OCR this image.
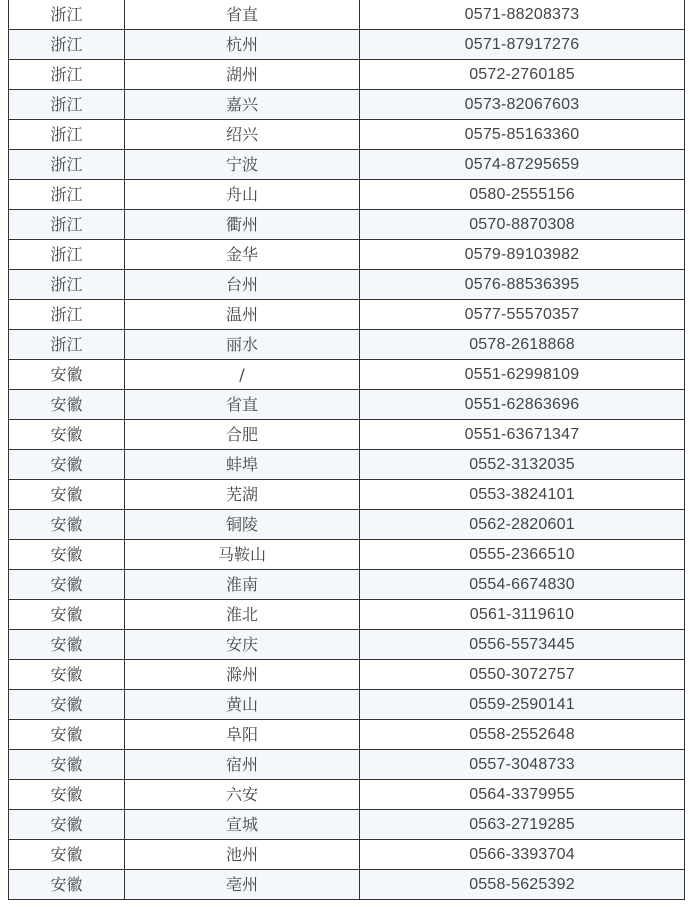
浙江	省直	0571-88208373
浙江	杭州	0571-87917276
浙江	湖州	0572-2760185
浙江	嘉兴	0573-82067603
浙江	绍兴	0575-85163360
浙江	宁波	0574-87295659
浙江	舟山	0580-2555156
浙江	衢州	0570-8870308
浙江	金华	0579-89103982
浙江	台州	0576-88536395
浙江	温州	0577-55570357
浙江	丽水	0578-2618868
安徽	/	0551-62998109
安徽	省直	0551-62863696
安徽	合肥	0551-63671347
安徽	蚌埠	0552-3132035
安徽	芜湖	0553-3824101
安徽	铜陵	0562-2820601
安徽	马鞍山	0555-2366510
安徽	淮南	0554-6674830
安徽	淮北	0561-3119610
安徽	安庆	0556-5573445
安徽	滁州	0550-3072757
安徽	黄山	0559-2590141
安徽	阜阳	0558-2552648
安徽	宿州	0557-3048733
安徽	六安	0564-3379955
安徽	宣城	0563-2719285
安徽	池州	0566-3393704
安徽	亳州	0558-5625392
